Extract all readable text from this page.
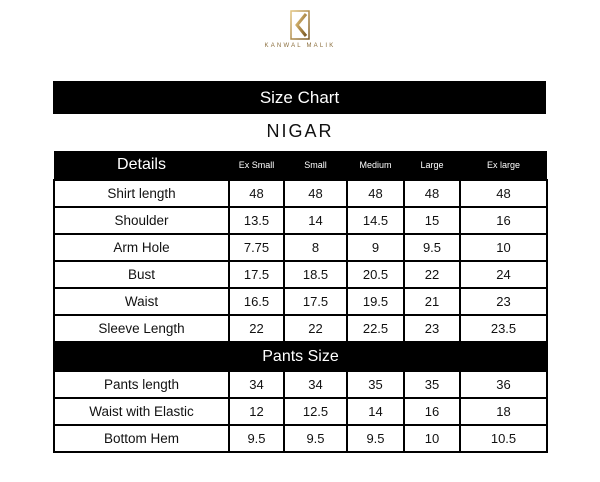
KANWAL MALIK
Size Chart
NIGAR
Details	Ex Small	Small	Medium	Large	Ex large
Shirt length	48	48	48	48	48
Shoulder	13.5	14	14.5	15	16
Arm Hole	7.75	8	9	9.5	10
Bust	17.5	18.5	20.5	22	24
Waist	16.5	17.5	19.5	21	23
Sleeve Length	22	22	22.5	23	23.5
Pants Size					
Pants length	34	34	35	35	36
Waist with Elastic	12	12.5	14	16	18
Bottom Hem	9.5	9.5	9.5	10	10.5
